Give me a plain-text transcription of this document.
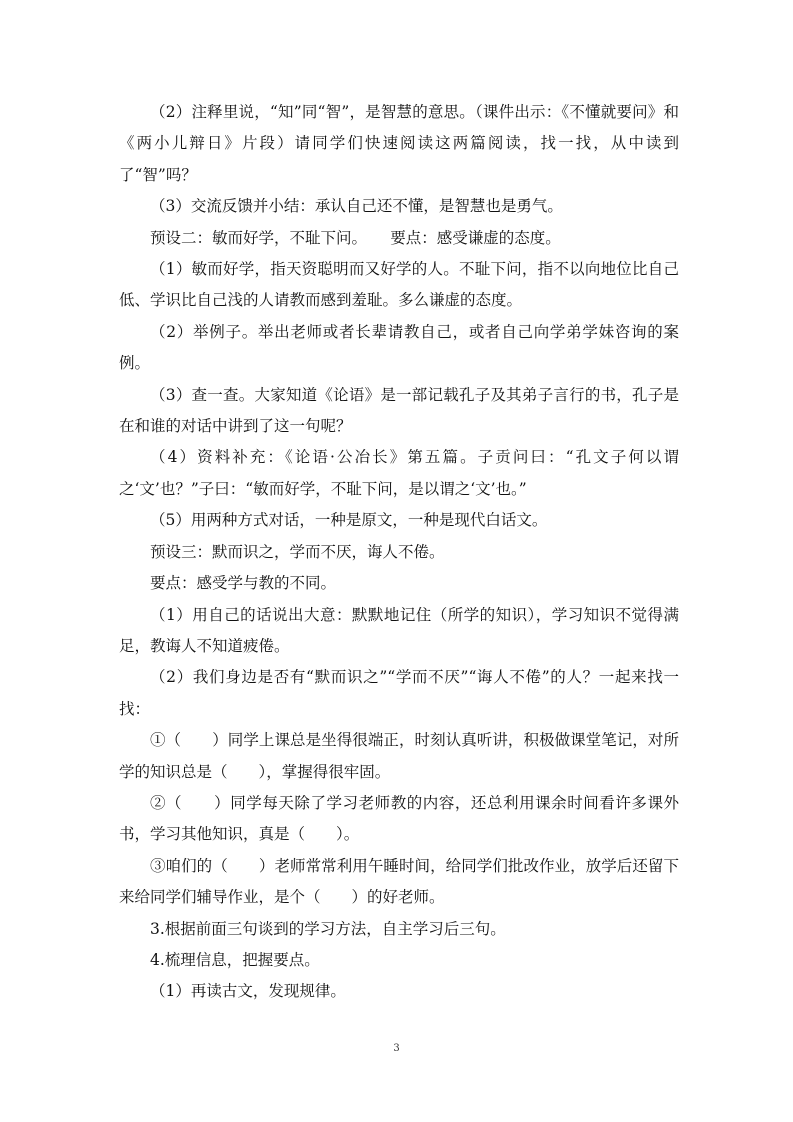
（2）注释里说，“知”同“智”，是智慧的意思。（课件出示：《不懂就要问》和《两小儿辩日》片段）请同学们快速阅读这两篇阅读，找一找，从中读到了“智”吗？

（3）交流反馈并小结：承认自己还不懂，是智慧也是勇气。

预设二：敏而好学，不耻下问。　　要点：感受谦虚的态度。

（1）敏而好学，指天资聪明而又好学的人。不耻下问，指不以向地位比自己低、学识比自己浅的人请教而感到羞耻。多么谦虚的态度。

（2）举例子。举出老师或者长辈请教自己，或者自己向学弟学妹咨询的案例。

（3）查一查。大家知道《论语》是一部记载孔子及其弟子言行的书，孔子是在和谁的对话中讲到了这一句呢？

（4）资料补充：《论语·公冶长》第五篇。子贡问曰：“孔文子何以谓之‘文’也？”子曰：“敏而好学，不耻下问，是以谓之‘文’也。”

（5）用两种方式对话，一种是原文，一种是现代白话文。

预设三：默而识之，学而不厌，诲人不倦。

要点：感受学与教的不同。

（1）用自己的话说出大意：默默地记住（所学的知识），学习知识不觉得满足，教诲人不知道疲倦。

（2）我们身边是否有“默而识之”“学而不厌”“诲人不倦”的人？一起来找一找：

①（　　）同学上课总是坐得很端正，时刻认真听讲，积极做课堂笔记，对所学的知识总是（　　），掌握得很牢固。

②（　　）同学每天除了学习老师教的内容，还总利用课余时间看许多课外书，学习其他知识，真是（　　）。

③咱们的（　　）老师常常利用午睡时间，给同学们批改作业，放学后还留下来给同学们辅导作业，是个（　　）的好老师。

3.根据前面三句谈到的学习方法，自主学习后三句。

4.梳理信息，把握要点。

（1）再读古文，发现规律。

3
